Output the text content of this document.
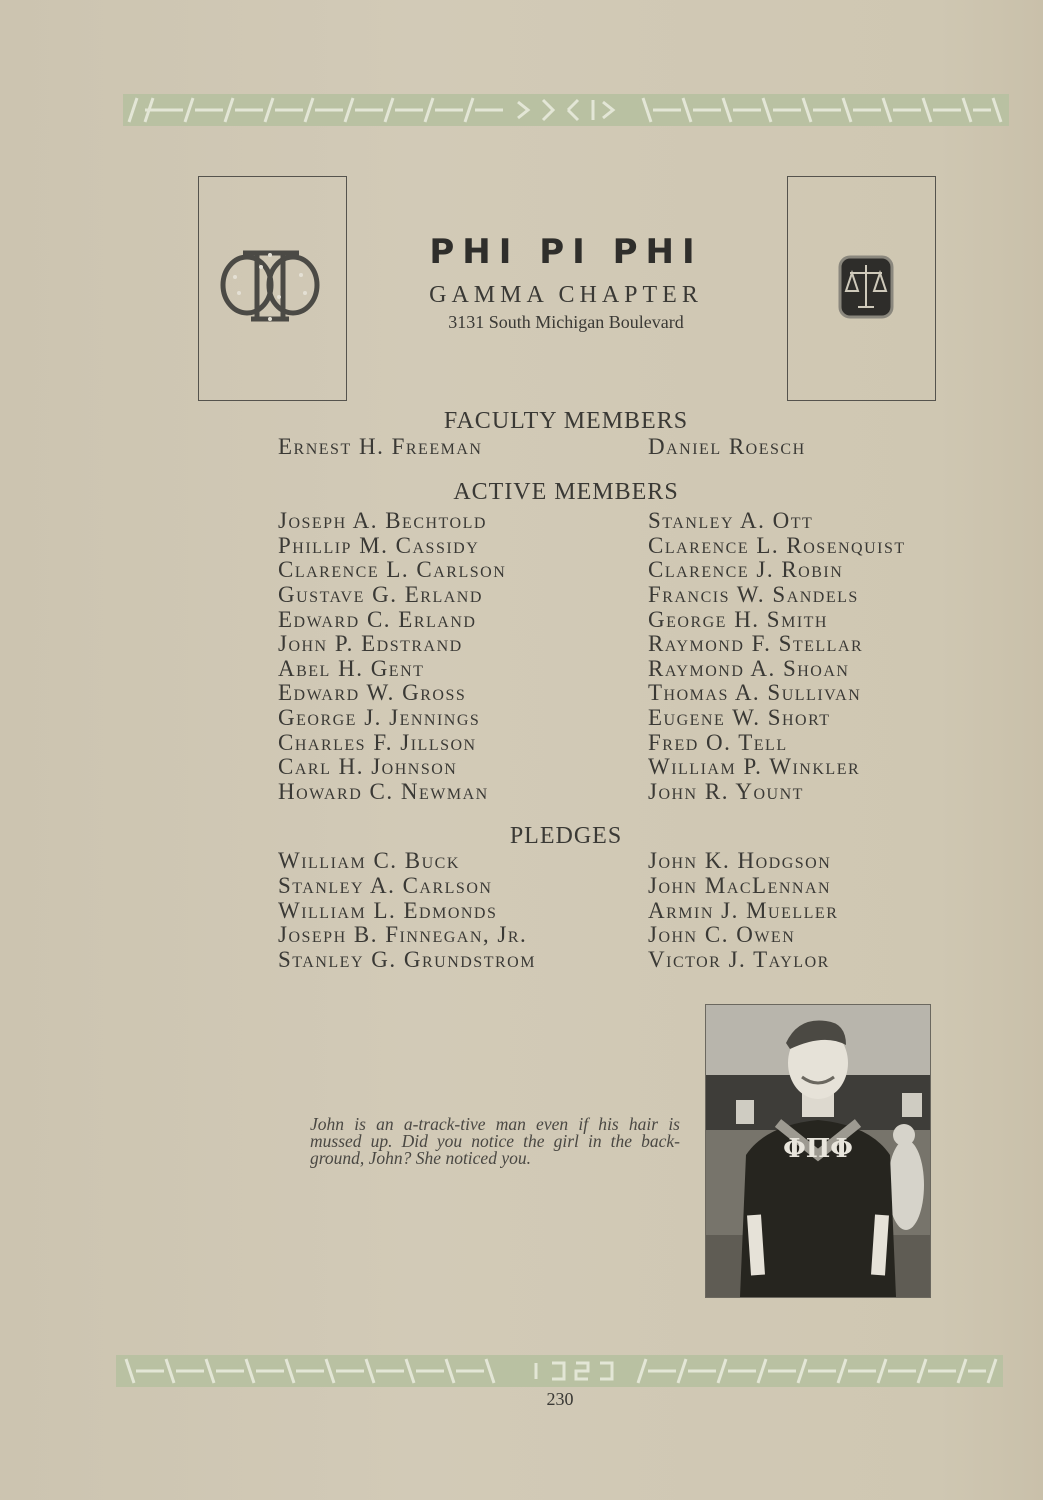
PHI PI PHI
GAMMA CHAPTER
3131 South Michigan Boulevard
FACULTY MEMBERS
Ernest H. Freeman	Daniel Roesch
ACTIVE MEMBERS
Joseph A. Bechtold
Phillip M. Cassidy
Clarence L. Carlson
Gustave G. Erland
Edward C. Erland
John P. Edstrand
Abel H. Gent
Edward W. Gross
George J. Jennings
Charles F. Jillson
Carl H. Johnson
Howard C. Newman
Stanley A. Ott
Clarence L. Rosenquist
Clarence J. Robin
Francis W. Sandels
George H. Smith
Raymond F. Stellar
Raymond A. Shoan
Thomas A. Sullivan
Eugene W. Short
Fred O. Tell
William P. Winkler
John R. Yount
PLEDGES
William C. Buck
Stanley A. Carlson
William L. Edmonds
Joseph B. Finnegan, Jr.
Stanley G. Grundstrom
John K. Hodgson
John MacLennan
Armin J. Mueller
John C. Owen
Victor J. Taylor
John is an a-track-tive man even if his hair is mussed up. Did you notice the girl in the back-ground, John? She noticed you.	ΦΠΦ
230
